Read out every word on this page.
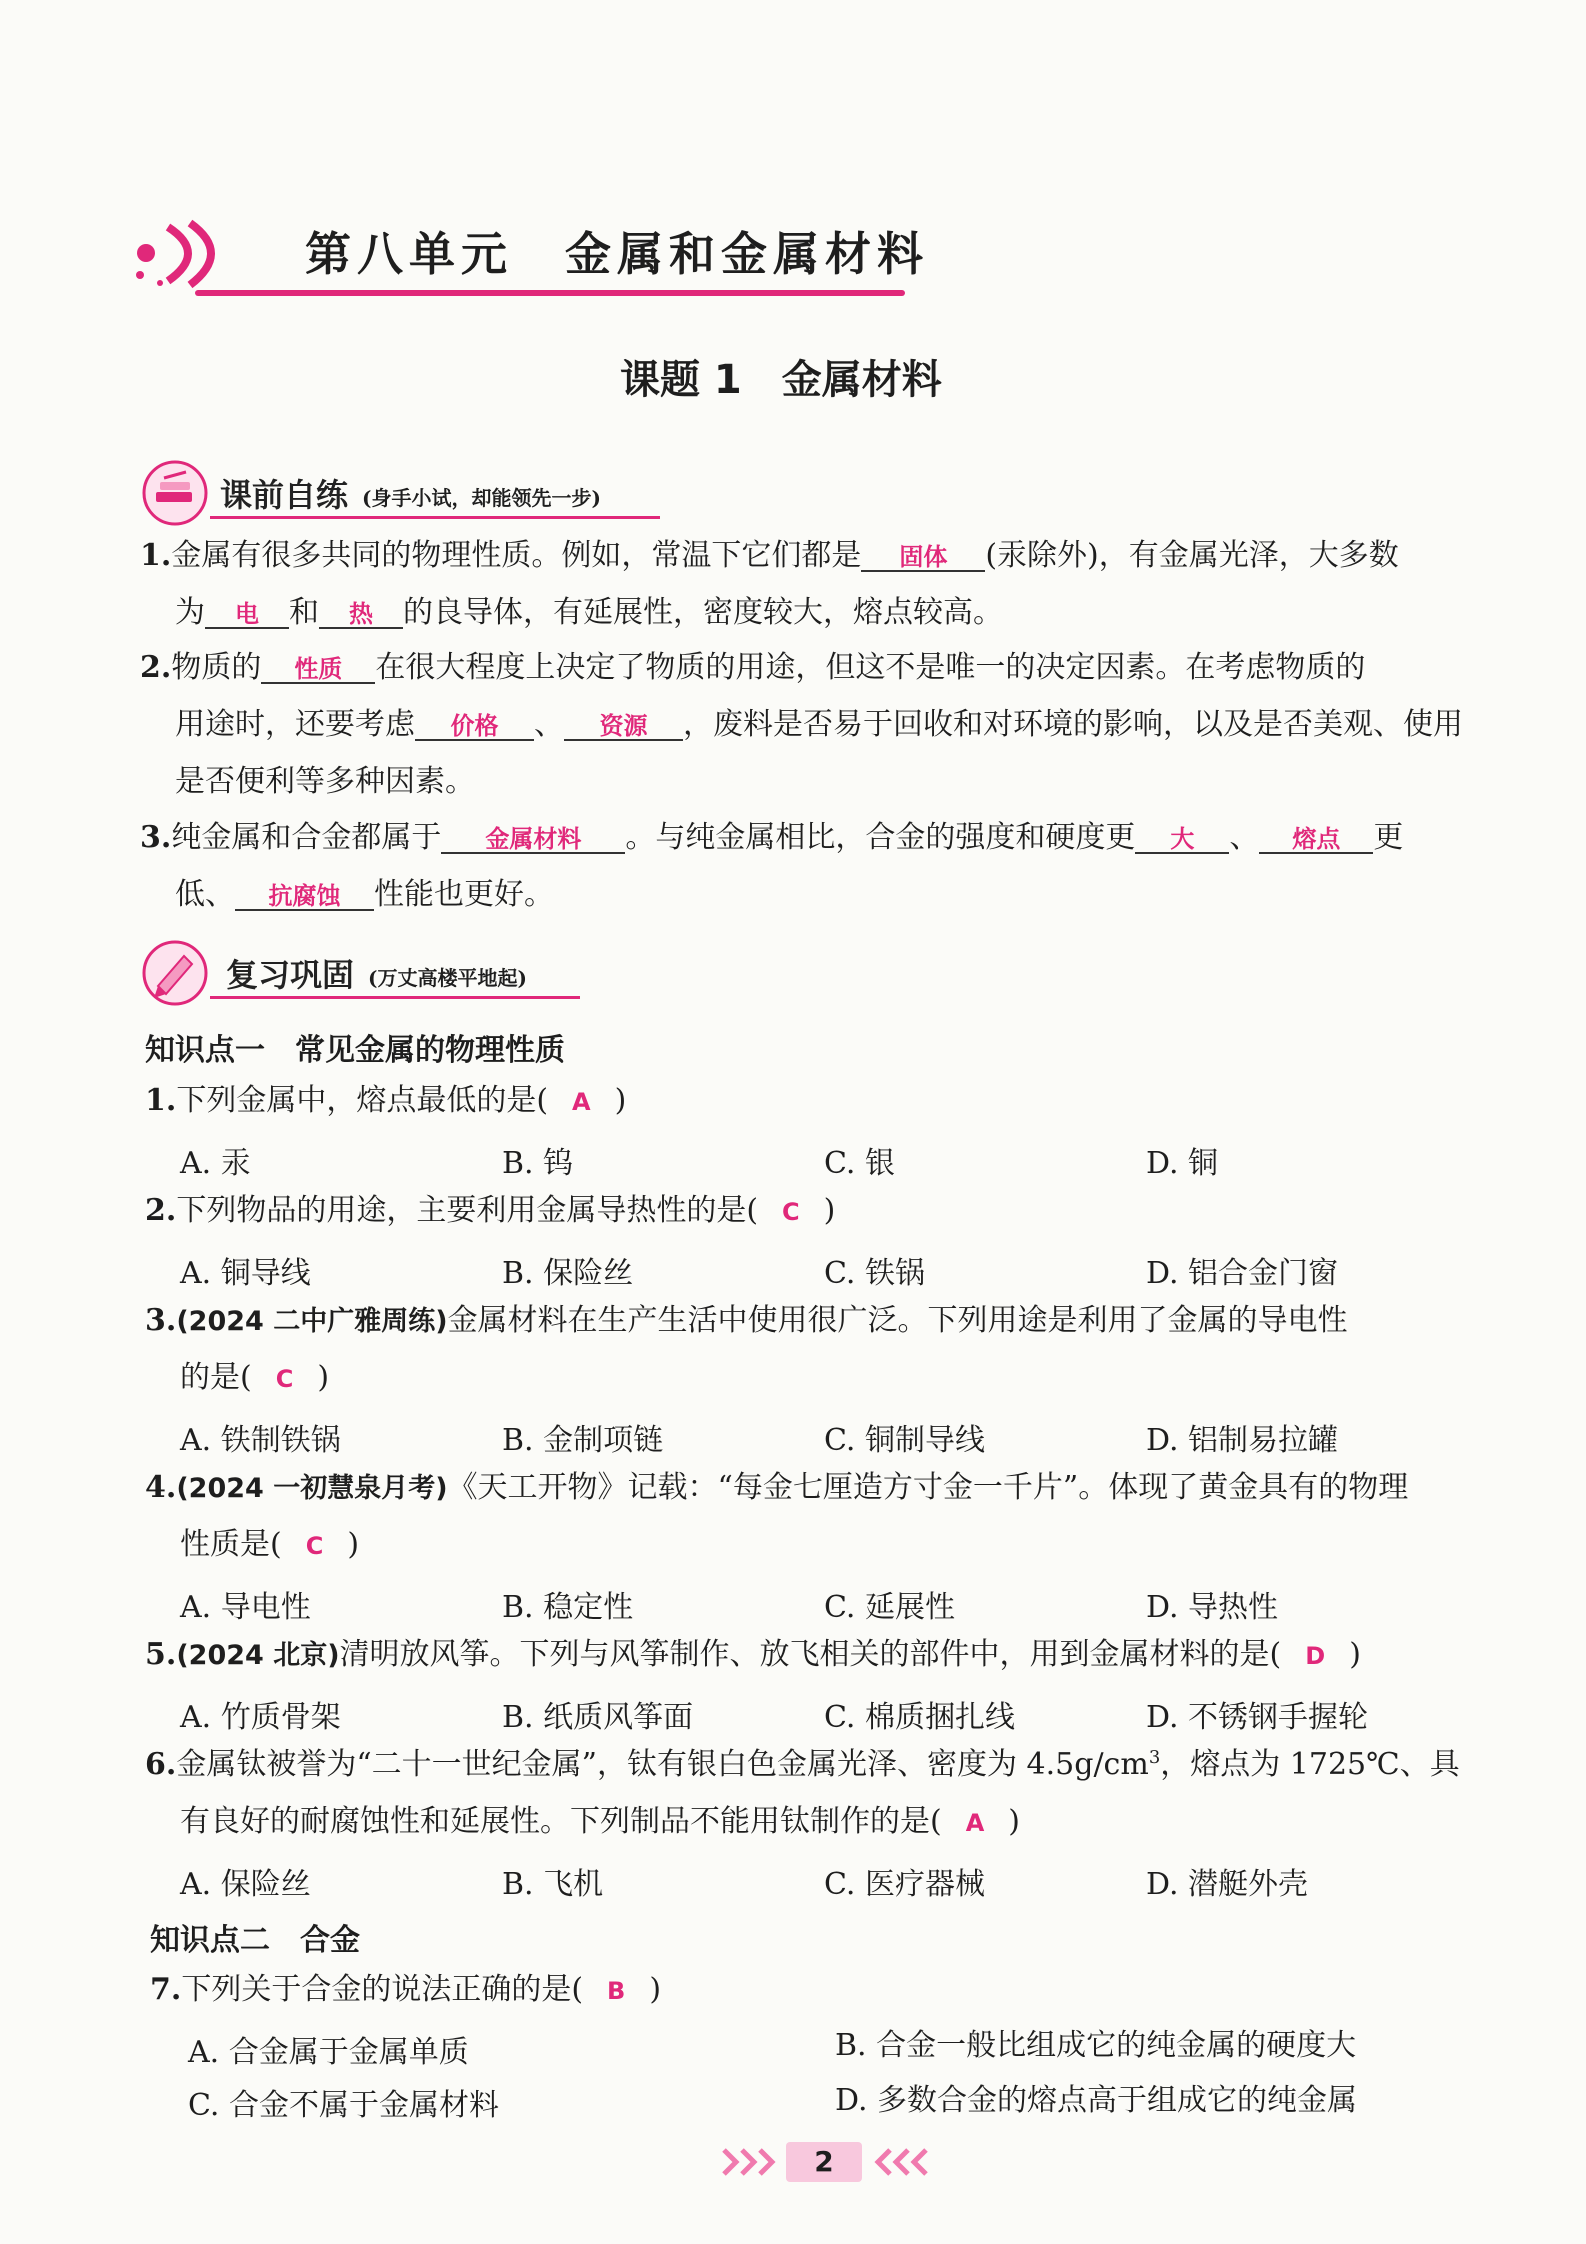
第八单元　金属和金属材料
课题 1　金属材料
课前自练 (身手小试，却能领先一步)
1.金属有很多共同的物理性质。例如，常温下它们都是 固体 (汞除外)，有金属光泽，大多数
为 电 和 热 的良导体，有延展性，密度较大，熔点较高。
2.物质的 性质 在很大程度上决定了物质的用途，但这不是唯一的决定因素。在考虑物质的
用途时，还要考虑 价格 、 资源 ，废料是否易于回收和对环境的影响，以及是否美观、使用
是否便利等多种因素。
3.纯金属和合金都属于 金属材料 。与纯金属相比，合金的强度和硬度更 大 、 熔点 更
低、 抗腐蚀 性能也更好。
复习巩固 (万丈高楼平地起)
知识点一　常见金属的物理性质
1.下列金属中，熔点最低的是( A )
A. 汞	B. 钨	C. 银	D. 铜
2.下列物品的用途，主要利用金属导热性的是( C )
A. 铜导线	B. 保险丝	C. 铁锅	D. 铝合金门窗
3.(2024 二中广雅周练)金属材料在生产生活中使用很广泛。下列用途是利用了金属的导电性
的是( C )
A. 铁制铁锅	B. 金制项链	C. 铜制导线	D. 铝制易拉罐
4.(2024 一初慧泉月考)《天工开物》记载：“每金七厘造方寸金一千片”。体现了黄金具有的物理
性质是( C )
A. 导电性	B. 稳定性	C. 延展性	D. 导热性
5.(2024 北京)清明放风筝。下列与风筝制作、放飞相关的部件中，用到金属材料的是( D )
A. 竹质骨架	B. 纸质风筝面	C. 棉质捆扎线	D. 不锈钢手握轮
6.金属钛被誉为“二十一世纪金属”，钛有银白色金属光泽、密度为 $4.5g/cm^3$，熔点为 1725℃、具
有良好的耐腐蚀性和延展性。下列制品不能用钛制作的是( A )
A. 保险丝	B. 飞机	C. 医疗器械	D. 潜艇外壳
知识点二　合金
7.下列关于合金的说法正确的是( B )
A. 合金属于金属单质	B. 合金一般比组成它的纯金属的硬度大
C. 合金不属于金属材料	D. 多数合金的熔点高于组成它的纯金属
2
